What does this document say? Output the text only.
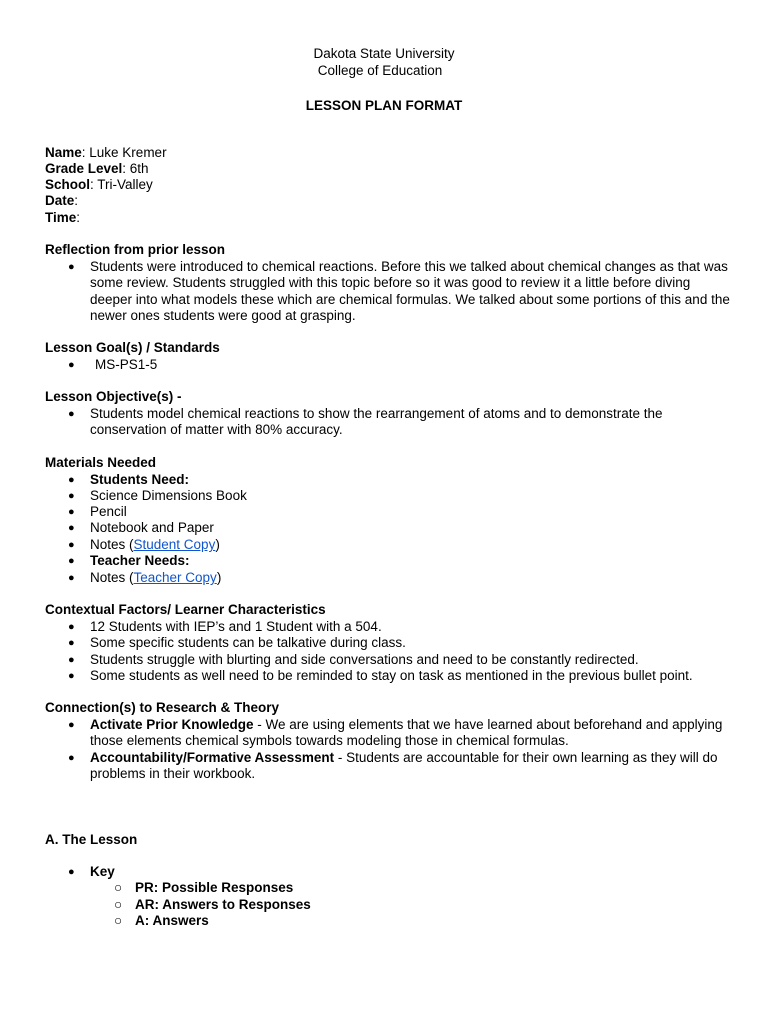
Dakota State University
College of Education
LESSON PLAN FORMAT
Name: Luke Kremer
Grade Level: 6th
School: Tri-Valley
Date:
Time:
Reflection from prior lesson
● Students were introduced to chemical reactions. Before this we talked about chemical changes as that was some review. Students struggled with this topic before so it was good to review it a little before diving deeper into what models these which are chemical formulas. We talked about some portions of this and the newer ones students were good at grasping.
Lesson Goal(s) / Standards
● MS-PS1-5
Lesson Objective(s) -
● Students model chemical reactions to show the rearrangement of atoms and to demonstrate the conservation of matter with 80% accuracy.
Materials Needed
● Students Need:
● Science Dimensions Book
● Pencil
● Notebook and Paper
● Notes (Student Copy)
● Teacher Needs:
● Notes (Teacher Copy)
Contextual Factors/ Learner Characteristics
● 12 Students with IEP’s and 1 Student with a 504.
● Some specific students can be talkative during class.
● Students struggle with blurting and side conversations and need to be constantly redirected.
● Some students as well need to be reminded to stay on task as mentioned in the previous bullet point.
Connection(s) to Research & Theory
● Activate Prior Knowledge - We are using elements that we have learned about beforehand and applying those elements chemical symbols towards modeling those in chemical formulas.
● Accountability/Formative Assessment - Students are accountable for their own learning as they will do problems in their workbook.
A. The Lesson
● Key
○ PR: Possible Responses
○ AR: Answers to Responses
○ A: Answers
